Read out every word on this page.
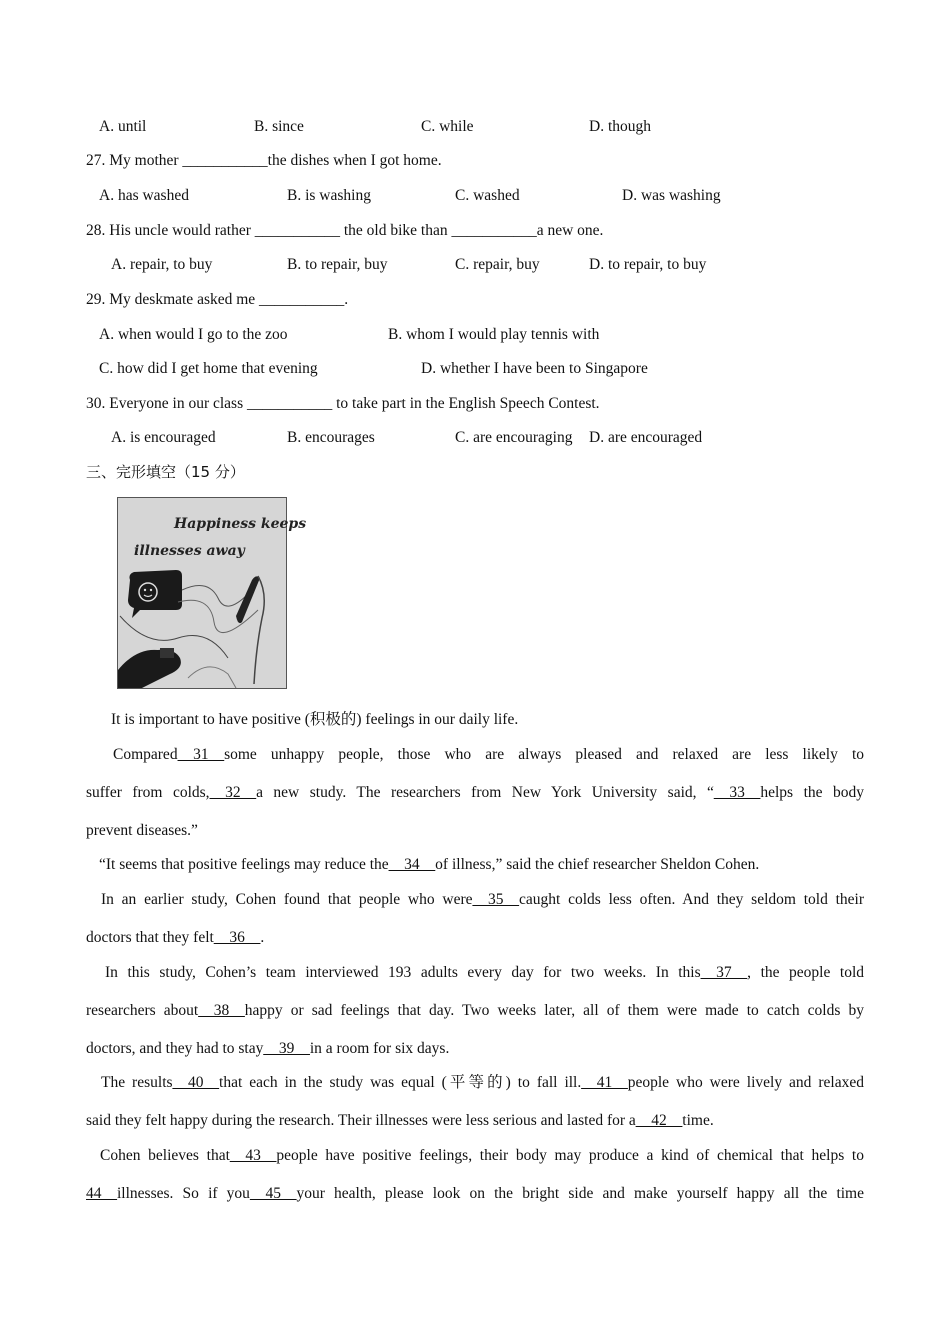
A. until	B. since	C. while	D. though
27. My mother ___________the dishes when I got home.
A. has washed	B. is washing	C. washed	D. was washing
28. His uncle would rather ___________ the old bike than ___________a new one.
A. repair, to buy	B. to repair, buy	C. repair, buy	D. to repair, to buy
29. My deskmate asked me ___________.
A. when would I go to the zoo	B. whom I would play tennis with
C. how did I get home that evening	D. whether I have been to Singapore
30. Everyone in our class ___________ to take part in the English Speech Contest.
A. is encouraged	B. encourages	C. are encouraging D. are encouraged
三、完形填空（15 分）
Happiness keeps
illnesses away
It is important to have positive (积极的) feelings in our daily life.
Compared__31__some unhappy people, those who are always pleased and relaxed are less likely to
suffer from colds,__32__a new study. The researchers from New York University said, “__33__helps the body
prevent diseases.”
“It seems that positive feelings may reduce the__34__of illness,” said the chief researcher Sheldon Cohen.
In an earlier study, Cohen found that people who were__35__caught colds less often. And they seldom told their
doctors that they felt__36__.
In this study, Cohen’s team interviewed 193 adults every day for two weeks. In this__37__, the people told
researchers about__38__happy or sad feelings that day. Two weeks later, all of them were made to catch colds by
doctors, and they had to stay__39__in a room for six days.
The results__40__that each in the study was equal (平等的) to fall ill.__41__people who were lively and relaxed
said they felt happy during the research. Their illnesses were less serious and lasted for a__42__time.
Cohen believes that__43__people have positive feelings, their body may produce a kind of chemical that helps to
44__illnesses. So if you__45__your health, please look on the bright side and make yourself happy all the time
